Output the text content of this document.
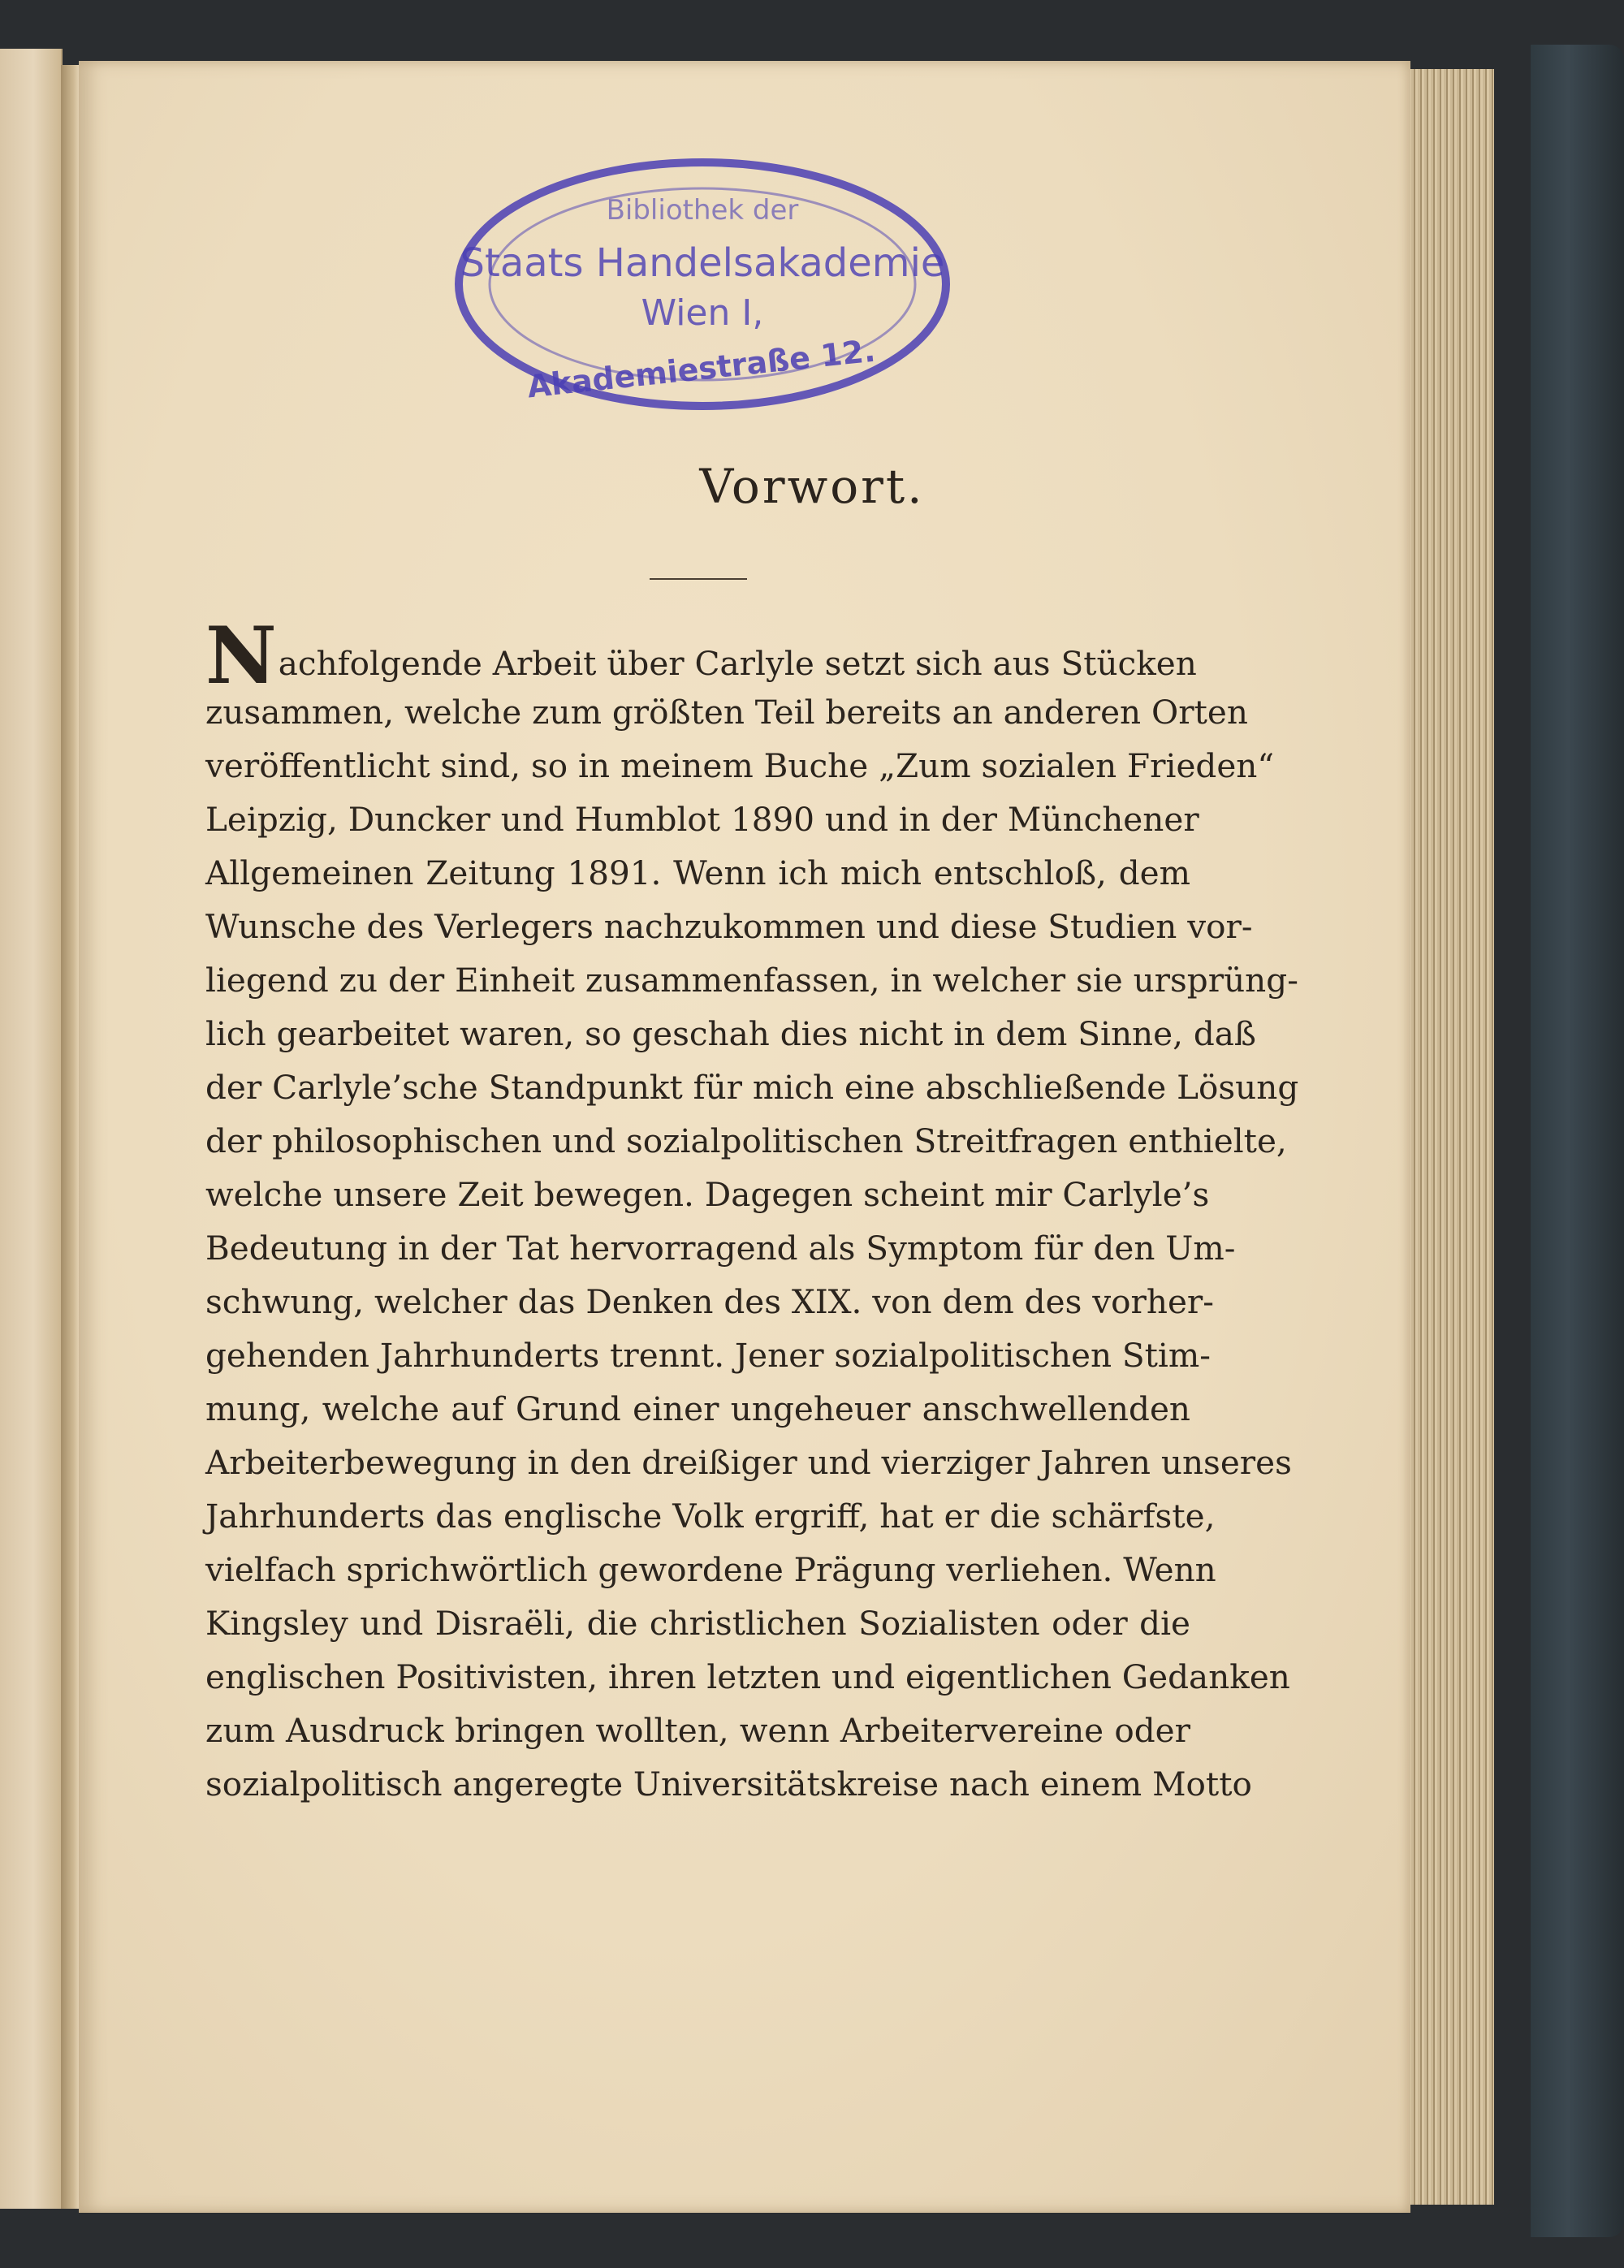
Bibliothek der
Staats Handelsakademie
Wien I,
Akademiestraße 12.
Vorwort.
Nachfolgende Arbeit über Carlyle setzt sich aus Stücken
zusammen, welche zum größten Teil bereits an anderen Orten
veröffentlicht sind, so in meinem Buche „Zum sozialen Frieden“
Leipzig, Duncker und Humblot 1890 und in der Münchener
Allgemeinen Zeitung 1891. Wenn ich mich entschloß, dem
Wunsche des Verlegers nachzukommen und diese Studien vor-
liegend zu der Einheit zusammenfassen, in welcher sie ursprüng-
lich gearbeitet waren, so geschah dies nicht in dem Sinne, daß
der Carlyle’sche Standpunkt für mich eine abschließende Lösung
der philosophischen und sozialpolitischen Streitfragen enthielte,
welche unsere Zeit bewegen. Dagegen scheint mir Carlyle’s
Bedeutung in der Tat hervorragend als Symptom für den Um-
schwung, welcher das Denken des XIX. von dem des vorher-
gehenden Jahrhunderts trennt. Jener sozialpolitischen Stim-
mung, welche auf Grund einer ungeheuer anschwellenden
Arbeiterbewegung in den dreißiger und vierziger Jahren unseres
Jahrhunderts das englische Volk ergriff, hat er die schärfste,
vielfach sprichwörtlich gewordene Prägung verliehen. Wenn
Kingsley und Disraëli, die christlichen Sozialisten oder die
englischen Positivisten, ihren letzten und eigentlichen Gedanken
zum Ausdruck bringen wollten, wenn Arbeitervereine oder
sozialpolitisch angeregte Universitätskreise nach einem Motto
